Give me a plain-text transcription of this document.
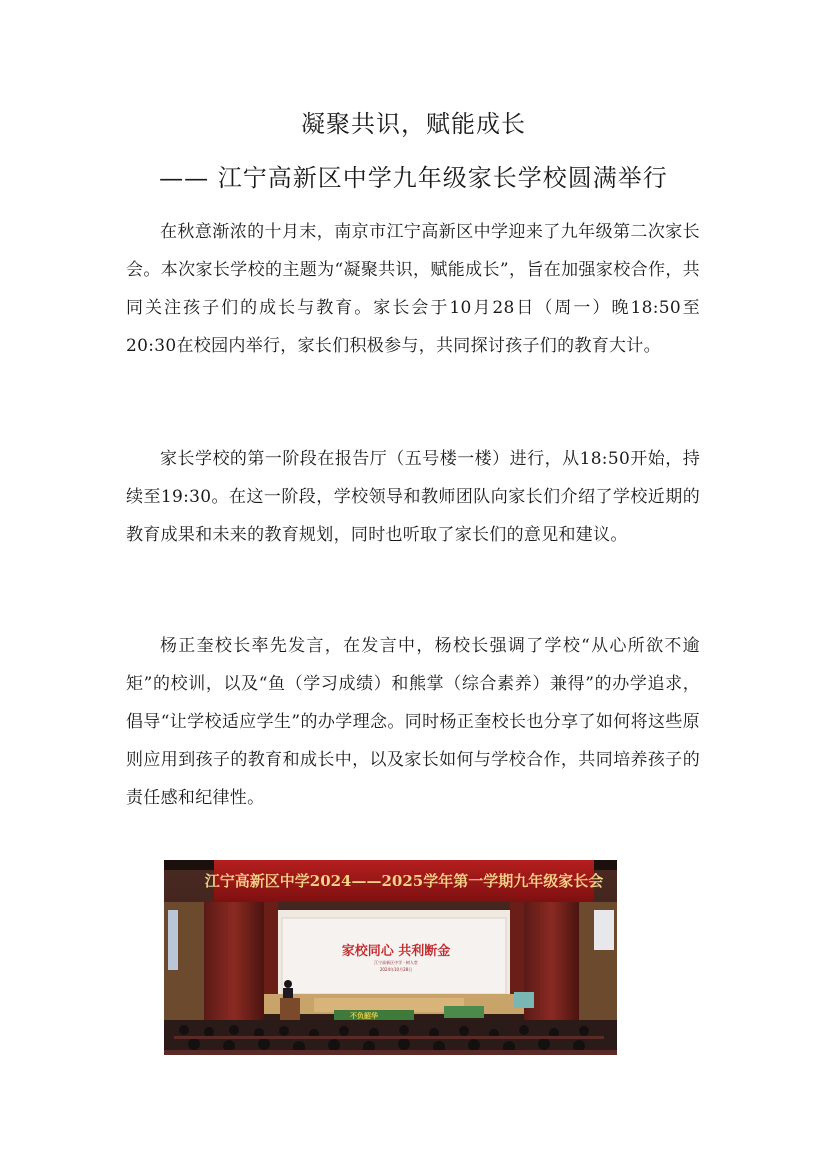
凝聚共识，赋能成长
—— 江宁高新区中学九年级家长学校圆满举行

在秋意渐浓的十月末，南京市江宁高新区中学迎来了九年级第二次家长会。本次家长学校的主题为“凝聚共识，赋能成长”，旨在加强家校合作，共同关注孩子们的成长与教育。家长会于10月28日（周一）晚18:50至20:30在校园内举行，家长们积极参与，共同探讨孩子们的教育大计。

家长学校的第一阶段在报告厅（五号楼一楼）进行，从18:50开始，持续至19:30。在这一阶段，学校领导和教师团队向家长们介绍了学校近期的教育成果和未来的教育规划，同时也听取了家长们的意见和建议。

杨正奎校长率先发言，在发言中，杨校长强调了学校“从心所欲不逾矩”的校训，以及“鱼（学习成绩）和熊掌（综合素养）兼得”的办学追求，倡导“让学校适应学生”的办学理念。同时杨正奎校长也分享了如何将这些原则应用到孩子的教育和成长中，以及家长如何与学校合作，共同培养孩子的责任感和纪律性。

江宁高新区中学2024——2025学年第一学期九年级家长会
家校同心 共利断金
江宁高新区中学 · 树人堂
2024年10月28日
不负韶华
